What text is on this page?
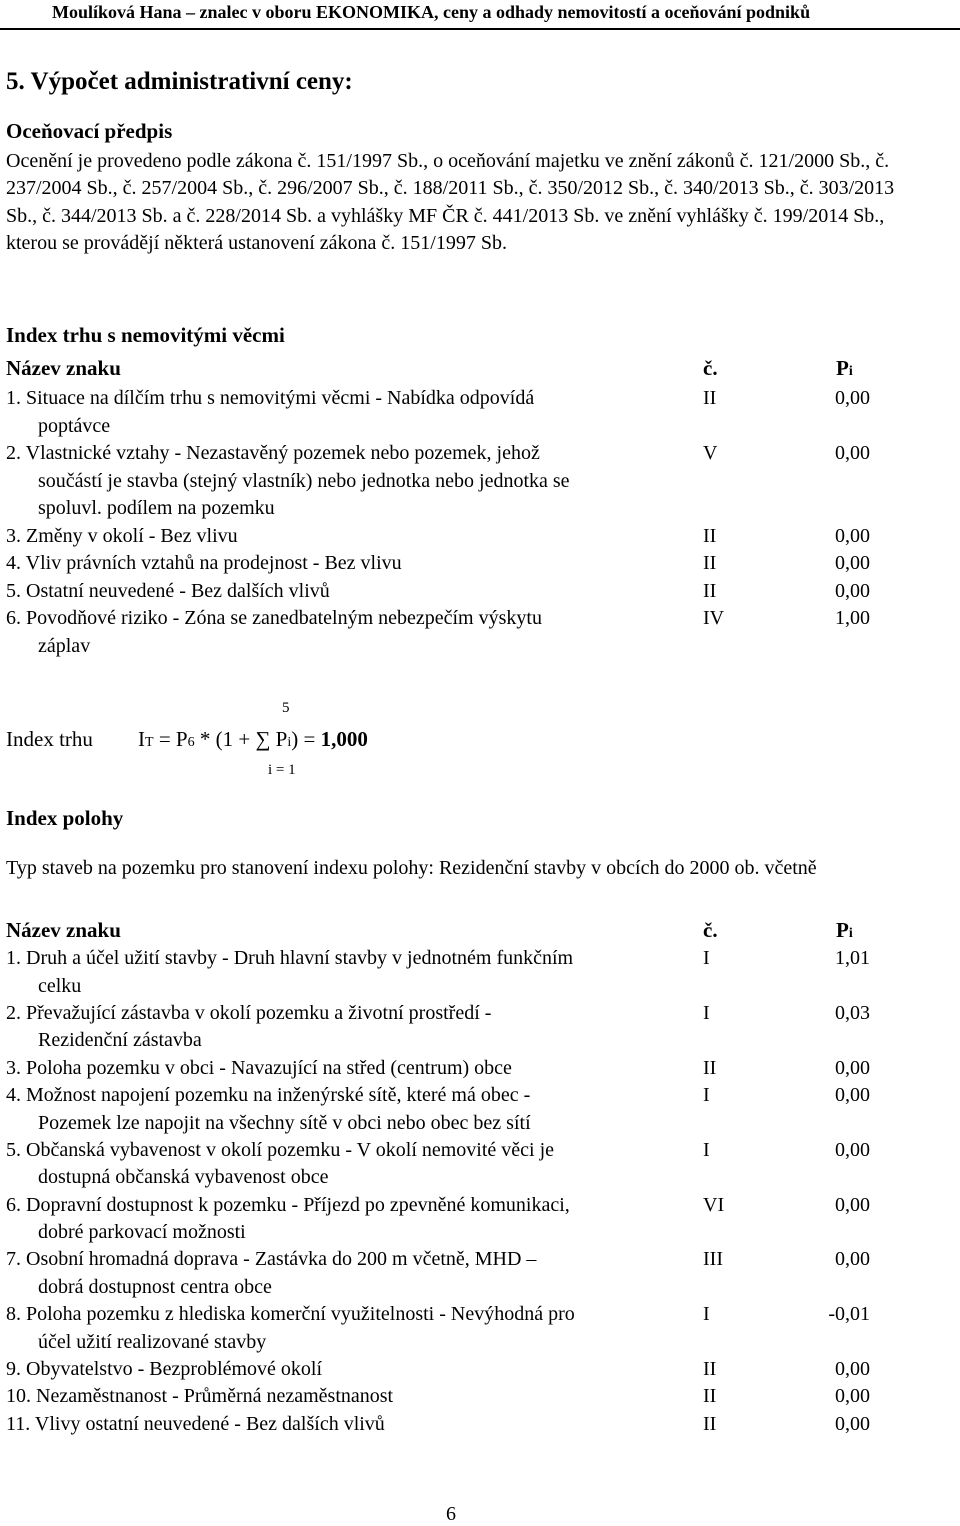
Moulíková Hana – znalec v oboru EKONOMIKA, ceny a odhady nemovitostí a oceňování podniků
5. Výpočet administrativní ceny:
Oceňovací předpis
Ocenění je provedeno podle zákona č. 151/1997 Sb., o oceňování majetku ve znění zákonů č. 121/2000 Sb., č. 237/2004 Sb., č. 257/2004 Sb., č. 296/2007 Sb., č. 188/2011 Sb., č. 350/2012 Sb., č. 340/2013 Sb., č. 303/2013 Sb., č. 344/2013 Sb. a č. 228/2014 Sb. a vyhlášky MF ČR č. 441/2013 Sb. ve znění vyhlášky č. 199/2014 Sb., kterou se provádějí některá ustanovení zákona č. 151/1997 Sb.
Index trhu s nemovitými věcmi
Název znaku	č.	Pi
1. Situace na dílčím trhu s nemovitými věcmi - Nabídka odpovídá
poptávce
II	0,00
2. Vlastnické vztahy - Nezastavěný pozemek nebo pozemek, jehož
součástí je stavba (stejný vlastník) nebo jednotka nebo jednotka se
spoluvl. podílem na pozemku
V	0,00
3. Změny v okolí - Bez vlivu	II	0,00
4. Vliv právních vztahů na prodejnost - Bez vlivu	II	0,00
5. Ostatní neuvedené - Bez dalších vlivů	II	0,00
6. Povodňové riziko - Zóna se zanedbatelným nebezpečím výskytu
záplav
IV	1,00
5
Index trhu IT = P6 * (1 + ∑ Pi) = 1,000
i = 1
Index polohy
Typ staveb na pozemku pro stanovení indexu polohy: Rezidenční stavby v obcích do 2000 ob. včetně
Název znaku	č.	Pi
1. Druh a účel užití stavby - Druh hlavní stavby v jednotném funkčním
celku
I	1,01
2. Převažující zástavba v okolí pozemku a životní prostředí -
Rezidenční zástavba
I	0,03
3. Poloha pozemku v obci - Navazující na střed (centrum) obce	II	0,00
4. Možnost napojení pozemku na inženýrské sítě, které má obec -
Pozemek lze napojit na všechny sítě v obci nebo obec bez sítí
I	0,00
5. Občanská vybavenost v okolí pozemku - V okolí nemovité věci je
dostupná občanská vybavenost obce
I	0,00
6. Dopravní dostupnost k pozemku - Příjezd po zpevněné komunikaci,
dobré parkovací možnosti
VI	0,00
7. Osobní hromadná doprava - Zastávka do 200 m včetně, MHD –
dobrá dostupnost centra obce
III	0,00
8. Poloha pozemku z hlediska komerční využitelnosti - Nevýhodná pro
účel užití realizované stavby
I	-0,01
9. Obyvatelstvo - Bezproblémové okolí	II	0,00
10. Nezaměstnanost - Průměrná nezaměstnanost	II	0,00
11. Vlivy ostatní neuvedené - Bez dalších vlivů	II	0,00
6
